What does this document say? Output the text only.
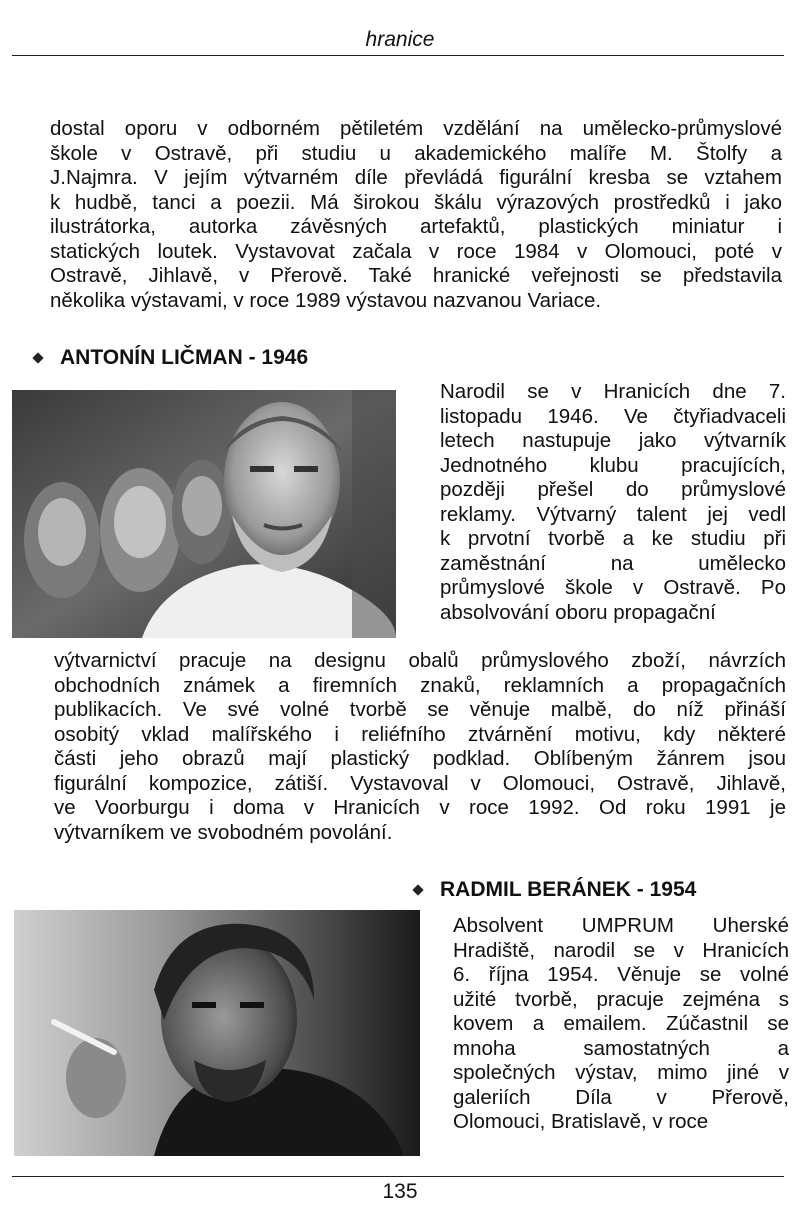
hranice
dostal oporu v odborném pětiletém vzdělání na umělecko-průmyslové
škole v Ostravě, při studiu u akademického malíře M. Štolfy a
J.Najmra. V jejím výtvarném díle převládá figurální kresba se vztahem
k hudbě, tanci a poezii. Má širokou škálu výrazových prostředků i jako
ilustrátorka, autorka závěsných artefaktů, plastických miniatur i
statických loutek. Vystavovat začala v roce 1984 v Olomouci, poté v
Ostravě, Jihlavě, v Přerově. Také hranické veřejnosti se představila
několika výstavami, v roce 1989 výstavou nazvanou Variace.
ANTONÍN LIČMAN - 1946
Narodil se v Hranicích dne 7.
listopadu 1946. Ve čtyřiadvaceli
letech nastupuje jako výtvarník
Jednotného klubu pracujících,
později přešel do průmyslové
reklamy. Výtvarný talent jej vedl
k prvotní tvorbě a ke studiu při
zaměstnání na umělecko
průmyslové škole v Ostravě. Po
absolvování oboru propagační
výtvarnictví pracuje na designu obalů průmyslového zboží, návrzích
obchodních známek a firemních znaků, reklamních a propagačních
publikacích. Ve své volné tvorbě se věnuje malbě, do níž přináší
osobitý vklad malířského i reliéfního ztvárnění motivu, kdy některé
části jeho obrazů mají plastický podklad. Oblíbeným žánrem jsou
figurální kompozice, zátiší. Vystavoval v Olomouci, Ostravě, Jihlavě,
ve Voorburgu i doma v Hranicích v roce 1992. Od roku 1991 je
výtvarníkem ve svobodném povolání.
RADMIL BERÁNEK - 1954
Absolvent UMPRUM Uherské
Hradiště, narodil se v Hranicích
6. října 1954. Věnuje se volné
užité tvorbě, pracuje zejména s
kovem a emailem. Zúčastnil se
mnoha samostatných a
společných výstav, mimo jiné v
galeriích Díla v Přerově,
Olomouci, Bratislavě, v roce
135
